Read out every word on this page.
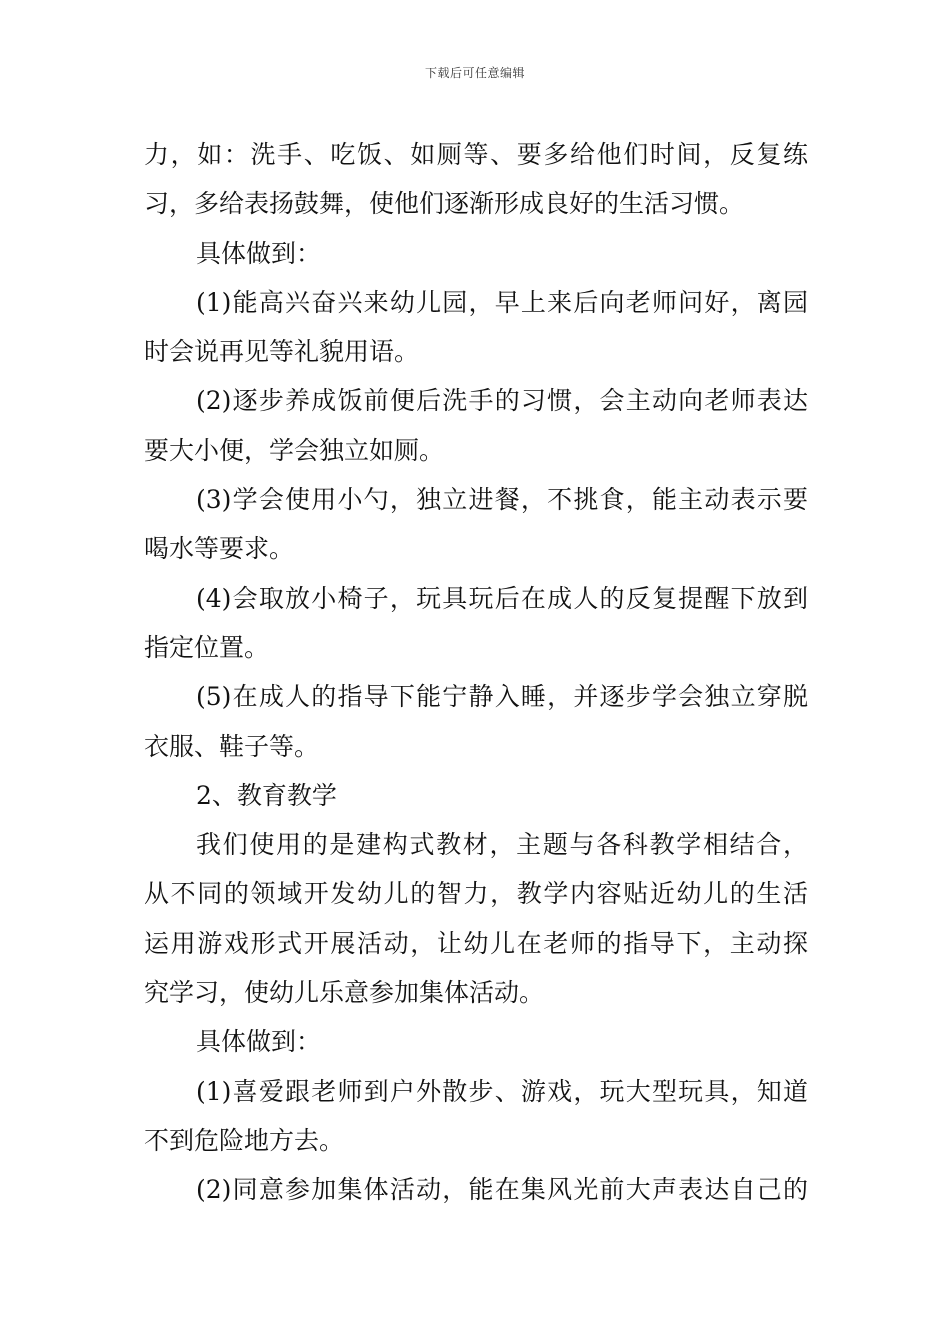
下载后可任意编辑
力，如：洗手、吃饭、如厕等、要多给他们时间，反复练
习，多给表扬鼓舞，使他们逐渐形成良好的生活习惯。
具体做到：
(1)能高兴奋兴来幼儿园，早上来后向老师问好，离园
时会说再见等礼貌用语。
(2)逐步养成饭前便后洗手的习惯，会主动向老师表达
要大小便，学会独立如厕。
(3)学会使用小勺，独立进餐，不挑食，能主动表示要
喝水等要求。
(4)会取放小椅子，玩具玩后在成人的反复提醒下放到
指定位置。
(5)在成人的指导下能宁静入睡，并逐步学会独立穿脱
衣服、鞋子等。
2、教育教学
我们使用的是建构式教材，主题与各科教学相结合，
从不同的领域开发幼儿的智力，教学内容贴近幼儿的生活
运用游戏形式开展活动，让幼儿在老师的指导下，主动探
究学习，使幼儿乐意参加集体活动。
具体做到：
(1)喜爱跟老师到户外散步、游戏，玩大型玩具，知道
不到危险地方去。
(2)同意参加集体活动，能在集风光前大声表达自己的
